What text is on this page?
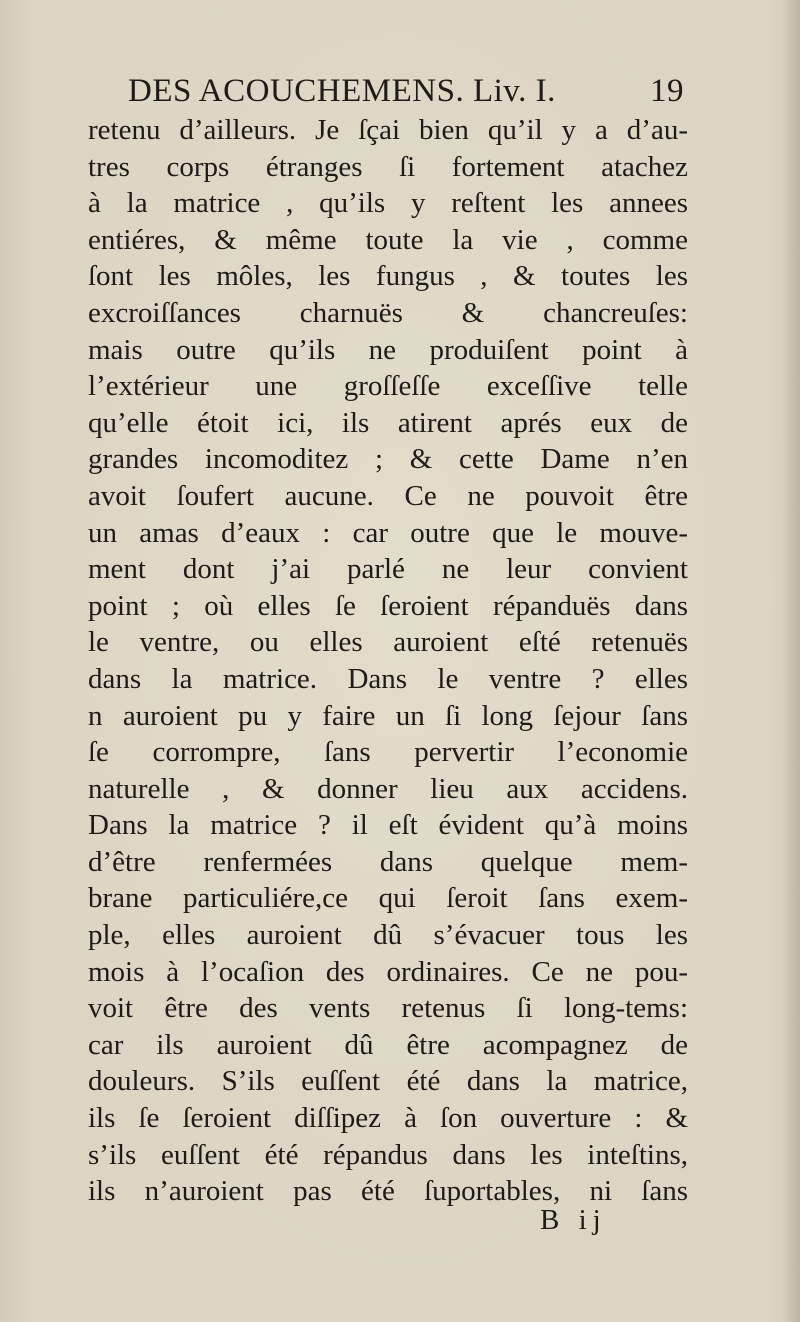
DES ACOUCHEMENS. Liv. I.	19
retenu d’ailleurs. Je ſçai bien qu’il y a d’au-
tres corps étranges ſi fortement atachez
à la matrice , qu’ils y reſtent les annees
entiéres, & même toute la vie , comme
ſont les môles, les fungus , & toutes les
excroiſſances charnuës & chancreuſes:
mais outre qu’ils ne produiſent point à
l’extérieur une groſſeſſe exceſſive telle
qu’elle étoit ici, ils atirent aprés eux de
grandes incomoditez ; & cette Dame n’en
avoit ſoufert aucune. Ce ne pouvoit être
un amas d’eaux : car outre que le mouve-
ment dont j’ai parlé ne leur convient
point ; où elles ſe ſeroient répanduës dans
le ventre, ou elles auroient eſté retenuës
dans la matrice. Dans le ventre ? elles
n auroient pu y faire un ſi long ſejour ſans
ſe corrompre, ſans pervertir l’economie
naturelle , & donner lieu aux accidens.
Dans la matrice ? il eſt évident qu’à moins
d’être renfermées dans quelque mem-
brane particuliére,ce qui ſeroit ſans exem-
ple, elles auroient dû s’évacuer tous les
mois à l’ocaſion des ordinaires. Ce ne pou-
voit être des vents retenus ſi long-tems:
car ils auroient dû être acompagnez de
douleurs. S’ils euſſent été dans la matrice,
ils ſe ſeroient diſſipez à ſon ouverture : &
s’ils euſſent été répandus dans les inteſtins,
ils n’auroient pas été ſuportables, ni ſans
B ij
